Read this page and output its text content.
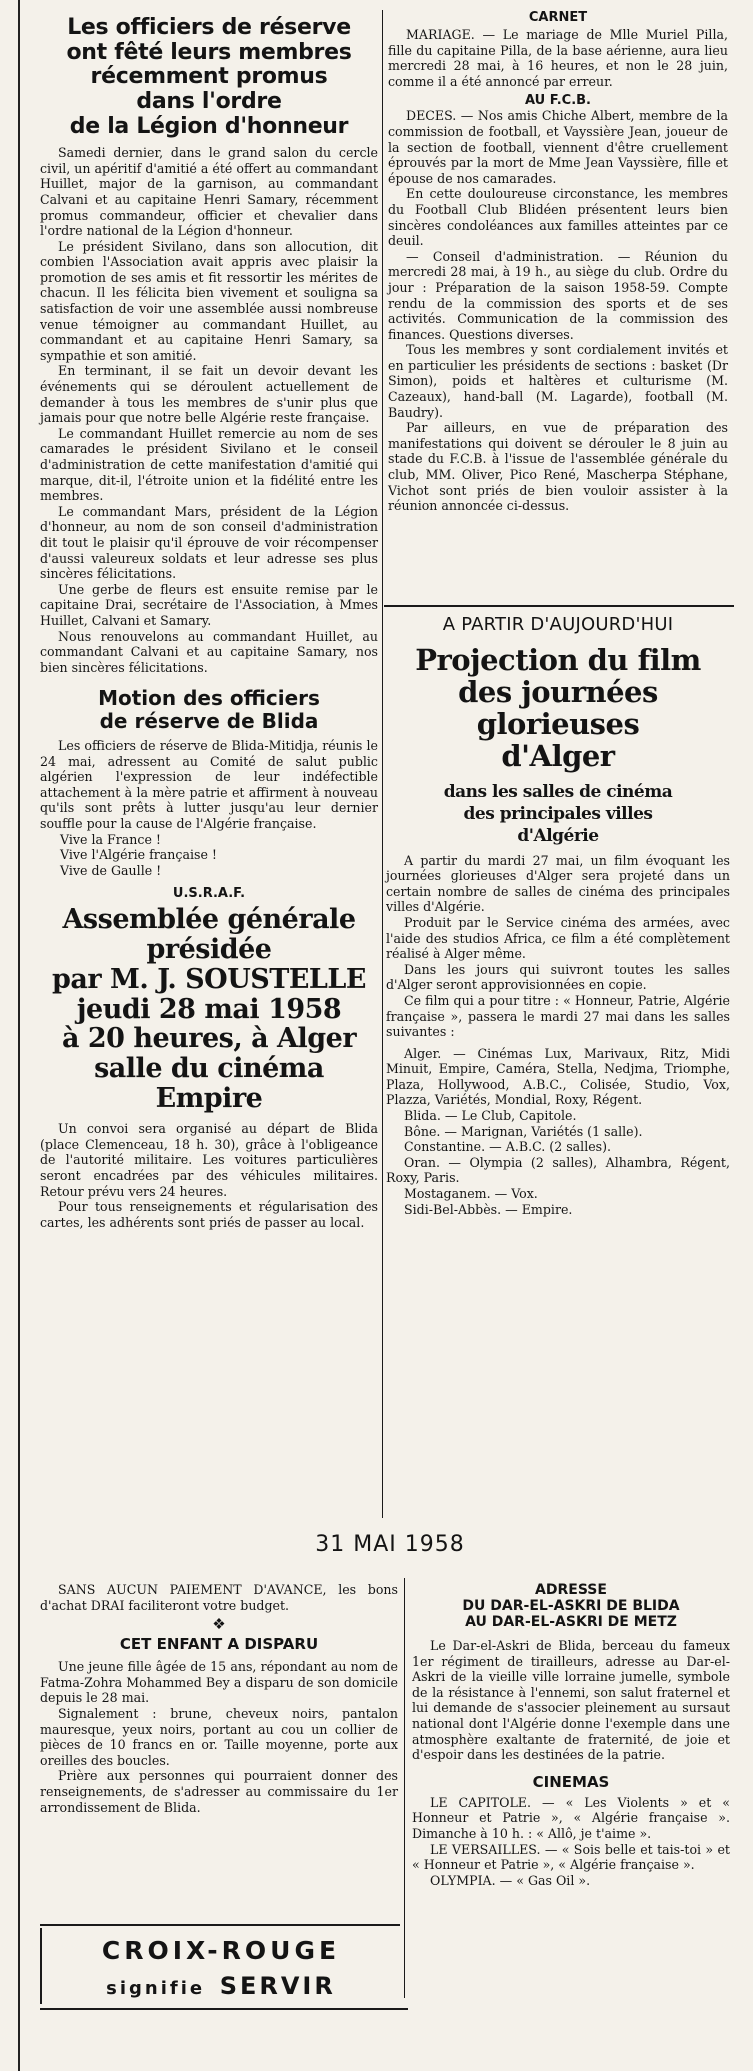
Les officiers de réserve
ont fêté leurs membres
récemment promus
dans l'ordre
de la Légion d'honneur

Samedi dernier, dans le grand salon du cercle civil, un apéritif d'amitié a été offert au commandant Huillet, major de la garnison, au commandant Calvani et au capitaine Henri Samary, récemment promus commandeur, officier et chevalier dans l'ordre national de la Légion d'honneur.

Le président Sivilano, dans son allocution, dit combien l'Association avait appris avec plaisir la promotion de ses amis et fit ressortir les mérites de chacun. Il les félicita bien vivement et souligna sa satisfaction de voir une assemblée aussi nombreuse venue témoigner au commandant Huillet, au commandant et au capitaine Henri Samary, sa sympathie et son amitié.

En terminant, il se fait un devoir devant les événements qui se déroulent actuellement de demander à tous les membres de s'unir plus que jamais pour que notre belle Algérie reste française.

Le commandant Huillet remercie au nom de ses camarades le président Sivilano et le conseil d'administration de cette manifestation d'amitié qui marque, dit-il, l'étroite union et la fidélité entre les membres.

Le commandant Mars, président de la Légion d'honneur, au nom de son conseil d'administration dit tout le plaisir qu'il éprouve de voir récompenser d'aussi valeureux soldats et leur adresse ses plus sincères félicitations.

Une gerbe de fleurs est ensuite remise par le capitaine Drai, secrétaire de l'Association, à Mmes Huillet, Calvani et Samary.

Nous renouvelons au commandant Huillet, au commandant Calvani et au capitaine Samary, nos bien sincères félicitations.

Motion des officiers
de réserve de Blida

Les officiers de réserve de Blida-Mitidja, réunis le 24 mai, adressent au Comité de salut public algérien l'expression de leur indéfectible attachement à la mère patrie et affirment à nouveau qu'ils sont prêts à lutter jusqu'au leur dernier souffle pour la cause de l'Algérie française.

Vive la France !
Vive l'Algérie française !
Vive de Gaulle !
U.S.R.A.F.
Assemblée générale
présidée
par M. J. SOUSTELLE
jeudi 28 mai 1958
à 20 heures, à Alger
salle du cinéma Empire

Un convoi sera organisé au départ de Blida (place Clemenceau, 18 h. 30), grâce à l'obligeance de l'autorité militaire. Les voitures particulières seront encadrées par des véhicules militaires. Retour prévu vers 24 heures.

Pour tous renseignements et régularisation des cartes, les adhérents sont priés de passer au local.

CARNET

MARIAGE. — Le mariage de Mlle Muriel Pilla, fille du capitaine Pilla, de la base aérienne, aura lieu mercredi 28 mai, à 16 heures, et non le 28 juin, comme il a été annoncé par erreur.

AU F.C.B.

DECES. — Nos amis Chiche Albert, membre de la commission de football, et Vayssière Jean, joueur de la section de football, viennent d'être cruellement éprouvés par la mort de Mme Jean Vayssière, fille et épouse de nos camarades.

En cette douloureuse circonstance, les membres du Football Club Blidéen présentent leurs bien sincères condoléances aux familles atteintes par ce deuil.

— Conseil d'administration. — Réunion du mercredi 28 mai, à 19 h., au siège du club. Ordre du jour : Préparation de la saison 1958-59. Compte rendu de la commission des sports et de ses activités. Communication de la commission des finances. Questions diverses.

Tous les membres y sont cordialement invités et en particulier les présidents de sections : basket (Dr Simon), poids et haltères et culturisme (M. Cazeaux), hand-ball (M. Lagarde), football (M. Baudry).

Par ailleurs, en vue de préparation des manifestations qui doivent se dérouler le 8 juin au stade du F.C.B. à l'issue de l'assemblée générale du club, MM. Oliver, Pico René, Mascherpa Stéphane, Vichot sont priés de bien vouloir assister à la réunion annoncée ci-dessus.

A PARTIR D'AUJOURD'HUI
Projection du film
des journées glorieuses
d'Alger
dans les salles de cinéma
des principales villes
d'Algérie

A partir du mardi 27 mai, un film évoquant les journées glorieuses d'Alger sera projeté dans un certain nombre de salles de cinéma des principales villes d'Algérie.

Produit par le Service cinéma des armées, avec l'aide des studios Africa, ce film a été complètement réalisé à Alger même.

Dans les jours qui suivront toutes les salles d'Alger seront approvisionnées en copie.

Ce film qui a pour titre : « Honneur, Patrie, Algérie française », passera le mardi 27 mai dans les salles suivantes :

Alger. — Cinémas Lux, Marivaux, Ritz, Midi Minuit, Empire, Caméra, Stella, Nedjma, Triomphe, Plaza, Hollywood, A.B.C., Colisée, Studio, Vox, Plazza, Variétés, Mondial, Roxy, Régent.

Blida. — Le Club, Capitole.

Bône. — Marignan, Variétés (1 salle).

Constantine. — A.B.C. (2 salles).

Oran. — Olympia (2 salles), Alhambra, Régent, Roxy, Paris.

Mostaganem. — Vox.

Sidi-Bel-Abbès. — Empire.

31 MAI 1958

SANS AUCUN PAIEMENT D'AVANCE, les bons d'achat DRAI faciliteront votre budget.

❖
CET ENFANT A DISPARU

Une jeune fille âgée de 15 ans, répondant au nom de Fatma-Zohra Mohammed Bey a disparu de son domicile depuis le 28 mai.

Signalement : brune, cheveux noirs, pantalon mauresque, yeux noirs, portant au cou un collier de pièces de 10 francs en or. Taille moyenne, porte aux oreilles des boucles.

Prière aux personnes qui pourraient donner des renseignements, de s'adresser au commissaire du 1er arrondissement de Blida.

CROIX-ROUGE
signifie SERVIR
ADRESSE
DU DAR-EL-ASKRI DE BLIDA
AU DAR-EL-ASKRI DE METZ

Le Dar-el-Askri de Blida, berceau du fameux 1er régiment de tirailleurs, adresse au Dar-el-Askri de la vieille ville lorraine jumelle, symbole de la résistance à l'ennemi, son salut fraternel et lui demande de s'associer pleinement au sursaut national dont l'Algérie donne l'exemple dans une atmosphère exaltante de fraternité, de joie et d'espoir dans les destinées de la patrie.

CINEMAS

LE CAPITOLE. — « Les Violents » et « Honneur et Patrie », « Algérie française ». Dimanche à 10 h. : « Allô, je t'aime ».

LE VERSAILLES. — « Sois belle et tais-toi » et « Honneur et Patrie », « Algérie française ».

OLYMPIA. — « Gas Oil ».
